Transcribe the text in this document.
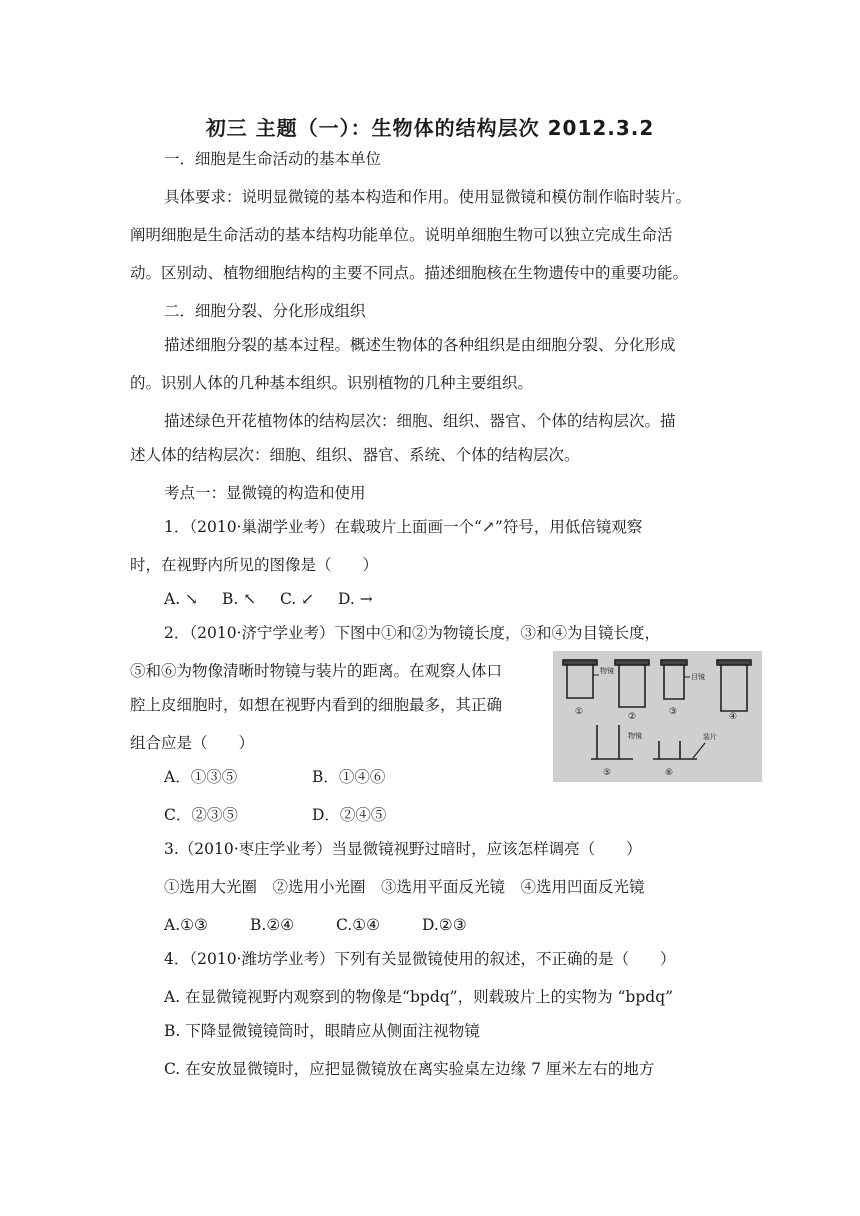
初三 主题（一）：生物体的结构层次 2012.3.2
一．细胞是生命活动的基本单位
具体要求：说明显微镜的基本构造和作用。使用显微镜和模仿制作临时装片。
阐明细胞是生命活动的基本结构功能单位。说明单细胞生物可以独立完成生命活
动。区别动、植物细胞结构的主要不同点。描述细胞核在生物遗传中的重要功能。
二．细胞分裂、分化形成组织
描述细胞分裂的基本过程。概述生物体的各种组织是由细胞分裂、分化形成
的。识别人体的几种基本组织。识别植物的几种主要组织。
描述绿色开花植物体的结构层次：细胞、组织、器官、个体的结构层次。描
述人体的结构层次：细胞、组织、器官、系统、个体的结构层次。
考点一：显微镜的构造和使用
1．（2010·巢湖学业考）在载玻片上面画一个“↗”符号，用低倍镜观察
时，在视野内所见的图像是（　　）
A. ↘ B. ↖ C. ↙ D. →
2．（2010·济宁学业考）下图中①和②为物镜长度，③和④为目镜长度，
⑤和⑥为物像清晰时物镜与装片的距离。在观察人体口
腔上皮细胞时，如想在视野内看到的细胞最多，其正确
组合应是（　　）
A．①③⑤	B．①④⑥
C．②③⑤	D．②④⑤
物镜
目镜
物镜	装片
①	②	③	④
⑤	⑥
3.（2010·枣庄学业考）当显微镜视野过暗时，应该怎样调亮（　　）
①选用大光圈　②选用小光圈　③选用平面反光镜　④选用凹面反光镜
A.①③	B.②④	C.①④	D.②③
4．（2010·潍坊学业考）下列有关显微镜使用的叙述，不正确的是（　　）
A. 在显微镜视野内观察到的物像是“bpdq”，则载玻片上的实物为 “bpdq”
B. 下降显微镜镜筒时，眼睛应从侧面注视物镜
C. 在安放显微镜时，应把显微镜放在离实验桌左边缘 7 厘米左右的地方
